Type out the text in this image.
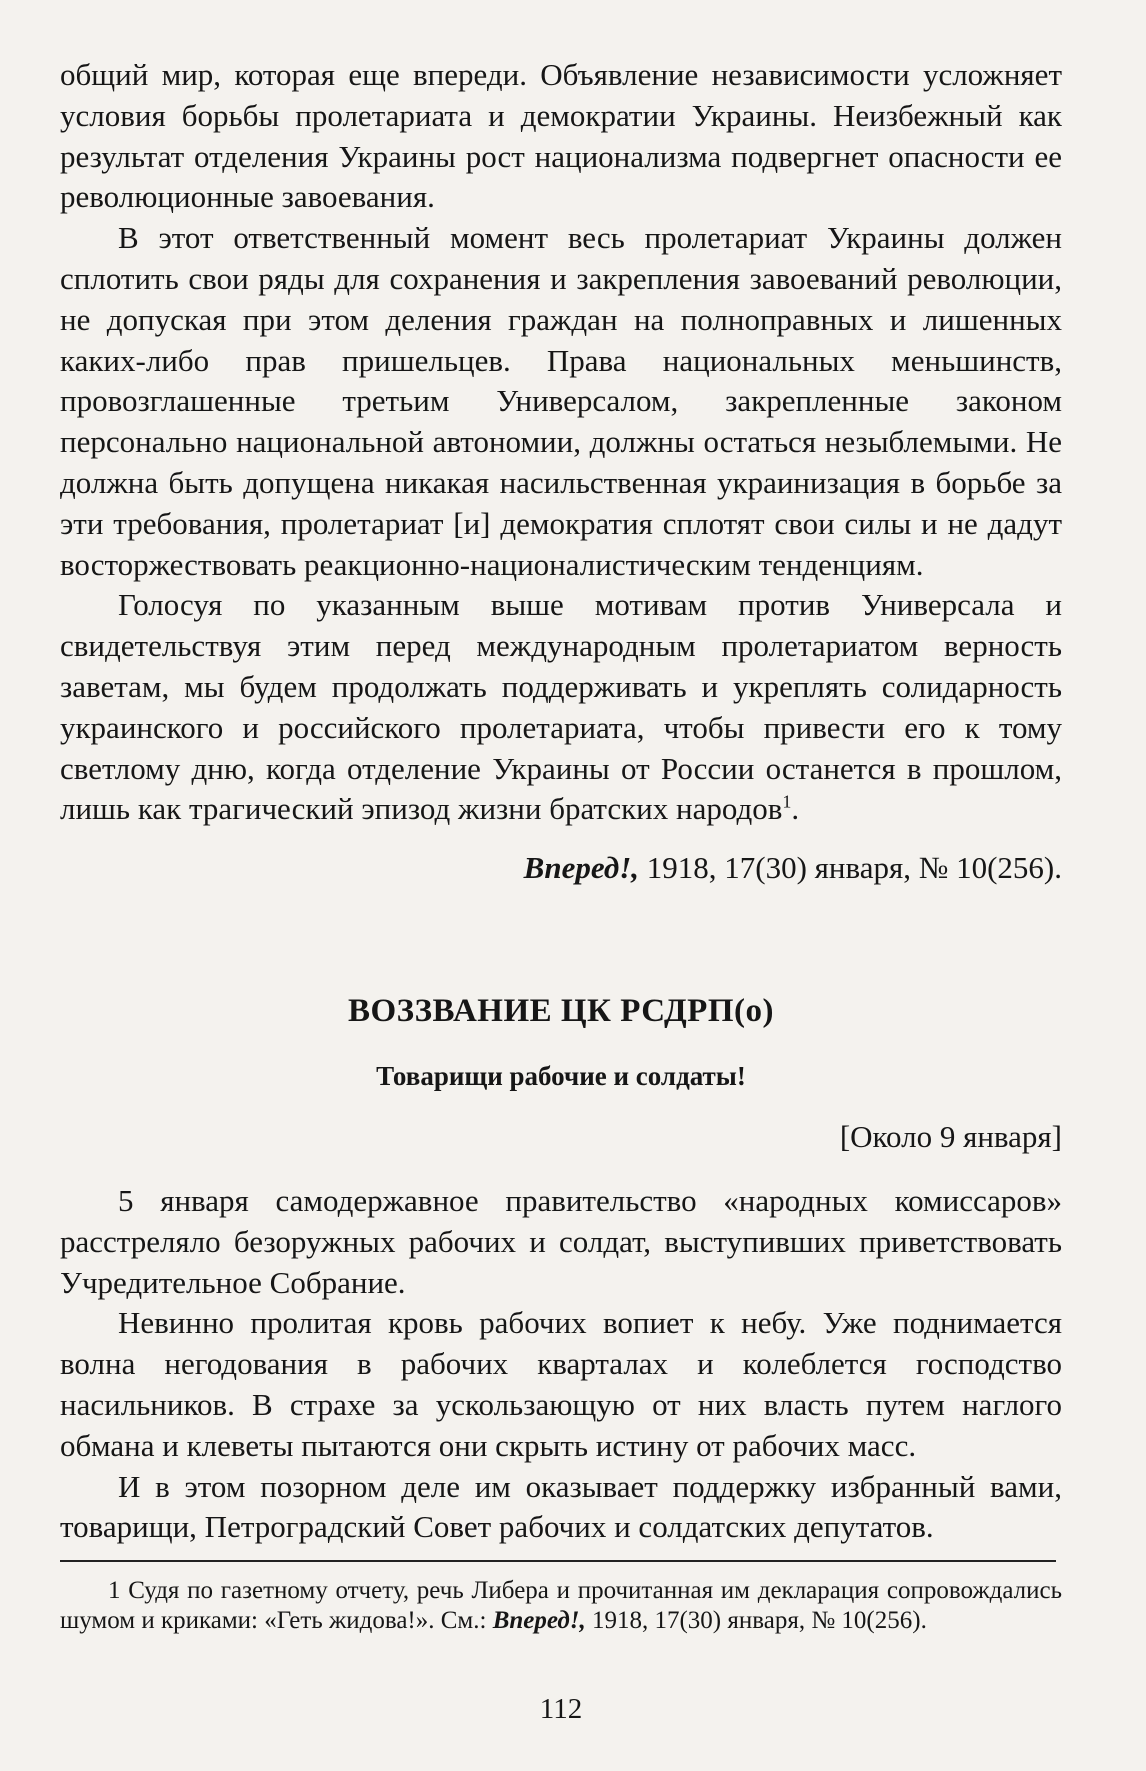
общий мир, которая еще впереди. Объявление независимости усложняет условия борьбы пролетариата и демократии Украины. Неизбежный как результат отделения Украины рост национализма подвергнет опасности ее революционные завоевания.

В этот ответственный момент весь пролетариат Украины должен сплотить свои ряды для сохранения и закрепления завоеваний революции, не допуская при этом деления граждан на полноправных и лишенных каких-либо прав пришельцев. Права национальных меньшинств, провозглашенные третьим Универсалом, закрепленные законом персонально национальной автономии, должны остаться незыблемыми. Не должна быть допущена никакая насильственная украинизация в борьбе за эти требования, пролетариат [и] демократия сплотят свои силы и не дадут восторжествовать реакционно-националистическим тенденциям.

Голосуя по указанным выше мотивам против Универсала и свидетельствуя этим перед международным пролетариатом верность заветам, мы будем продолжать поддерживать и укреплять солидарность украинского и российского пролетариата, чтобы привести его к тому светлому дню, когда отделение Украины от России останется в прошлом, лишь как трагический эпизод жизни братских народов$^1$.

Вперед!, 1918, 17(30) января, № 10(256).

ВОЗЗВАНИЕ ЦК РСДРП(о)
Товарищи рабочие и солдаты!
[Около 9 января]

5 января самодержавное правительство «народных комиссаров» расстреляло безоружных рабочих и солдат, выступивших приветствовать Учредительное Собрание.

Невинно пролитая кровь рабочих вопиет к небу. Уже поднимается волна негодования в рабочих кварталах и колеблется господство насильников. В страхе за ускользающую от них власть путем наглого обмана и клеветы пытаются они скрыть истину от рабочих масс.

И в этом позорном деле им оказывает поддержку избранный вами, товарищи, Петроградский Совет рабочих и солдатских депутатов.

1 Судя по газетному отчету, речь Либера и прочитанная им декларация сопровождались шумом и криками: «Геть жидова!». См.: Вперед!, 1918, 17(30) января, № 10(256).

112
